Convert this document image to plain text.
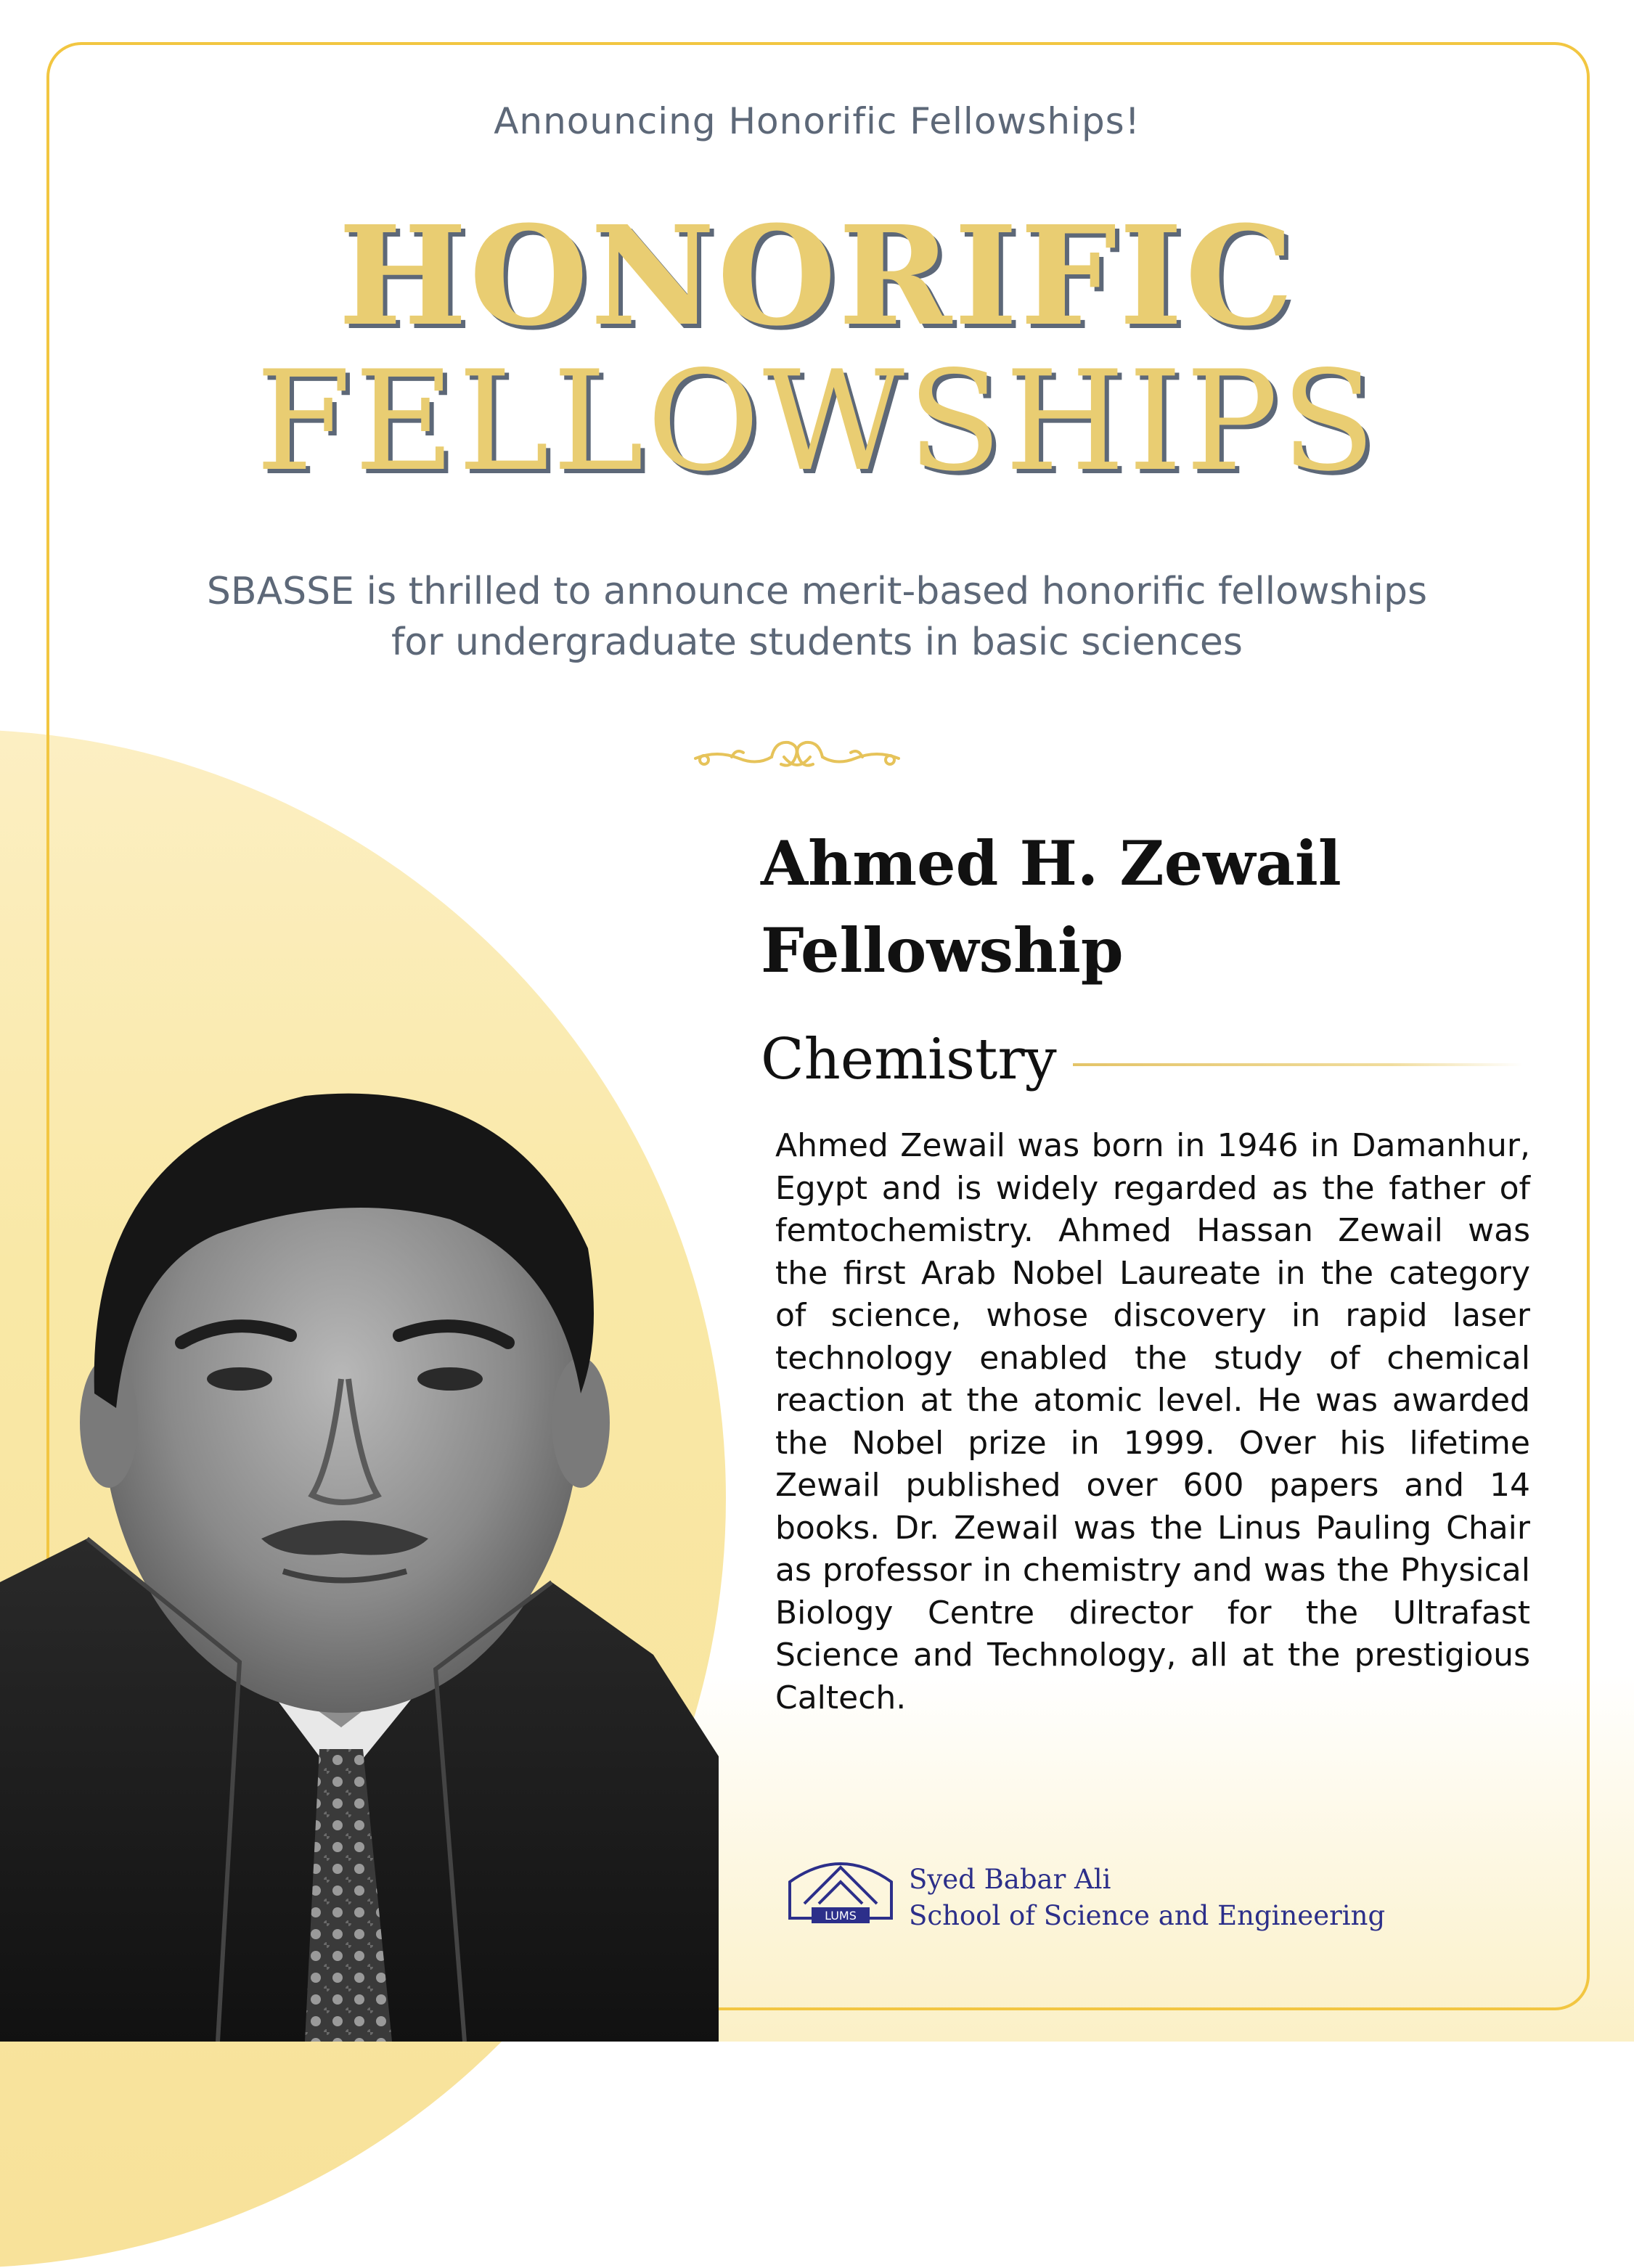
Announcing Honorific Fellowships!
HONORIFIC
FELLOWSHIPS
SBASSE is thrilled to announce merit-based honorific fellowships
for undergraduate students in basic sciences
Ahmed H. Zewail
Fellowship
Chemistry

Ahmed Zewail was born in 1946 in Damanhur, Egypt and is widely regarded as the father of femtochemistry. Ahmed Hassan Zewail was the first Arab Nobel Laureate in the category of science, whose discovery in rapid laser technology enabled the study of chemical reaction at the atomic level. He was awarded the Nobel prize in 1999. Over his lifetime Zewail published over 600 papers and 14 books. Dr. Zewail was the Linus Pauling Chair as professor in chemistry and was the Physical Biology Centre director for the Ultrafast Science and Technology, all at the prestigious Caltech.

LUMS
Syed Babar Ali
School of Science and Engineering
